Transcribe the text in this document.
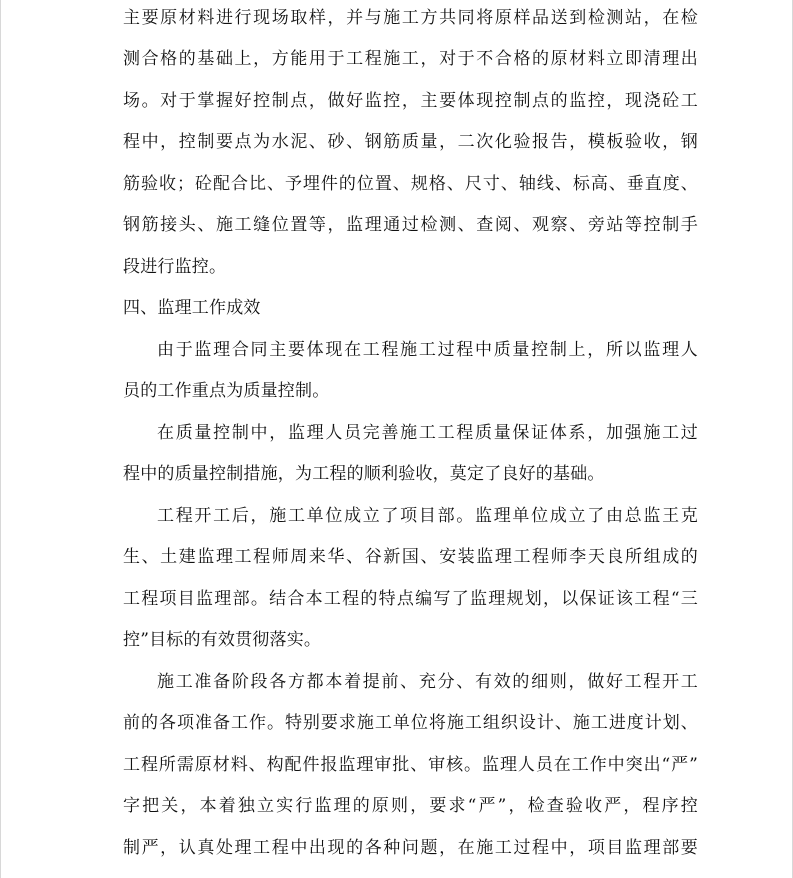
主要原材料进行现场取样，并与施工方共同将原样品送到检测站，在检
测合格的基础上，方能用于工程施工，对于不合格的原材料立即清理出
场。对于掌握好控制点，做好监控，主要体现控制点的监控，现浇砼工
程中，控制要点为水泥、砂、钢筋质量，二次化验报告，模板验收，钢
筋验收；砼配合比、予埋件的位置、规格、尺寸、轴线、标高、垂直度、
钢筋接头、施工缝位置等，监理通过检测、查阅、观察、旁站等控制手
段进行监控。
四、监理工作成效
由于监理合同主要体现在工程施工过程中质量控制上，所以监理人
员的工作重点为质量控制。
在质量控制中，监理人员完善施工工程质量保证体系，加强施工过
程中的质量控制措施，为工程的顺利验收，莫定了良好的基础。
工程开工后，施工单位成立了项目部。监理单位成立了由总监王克
生、土建监理工程师周来华、谷新国、安装监理工程师李天良所组成的
工程项目监理部。结合本工程的特点编写了监理规划，以保证该工程“三
控”目标的有效贯彻落实。
施工准备阶段各方都本着提前、充分、有效的细则，做好工程开工
前的各项准备工作。特别要求施工单位将施工组织设计、施工进度计划、
工程所需原材料、构配件报监理审批、审核。监理人员在工作中突出“严”
字把关，本着独立实行监理的原则，要求“严”，检查验收严，程序控
制严，认真处理工程中出现的各种问题，在施工过程中，项目监理部要
